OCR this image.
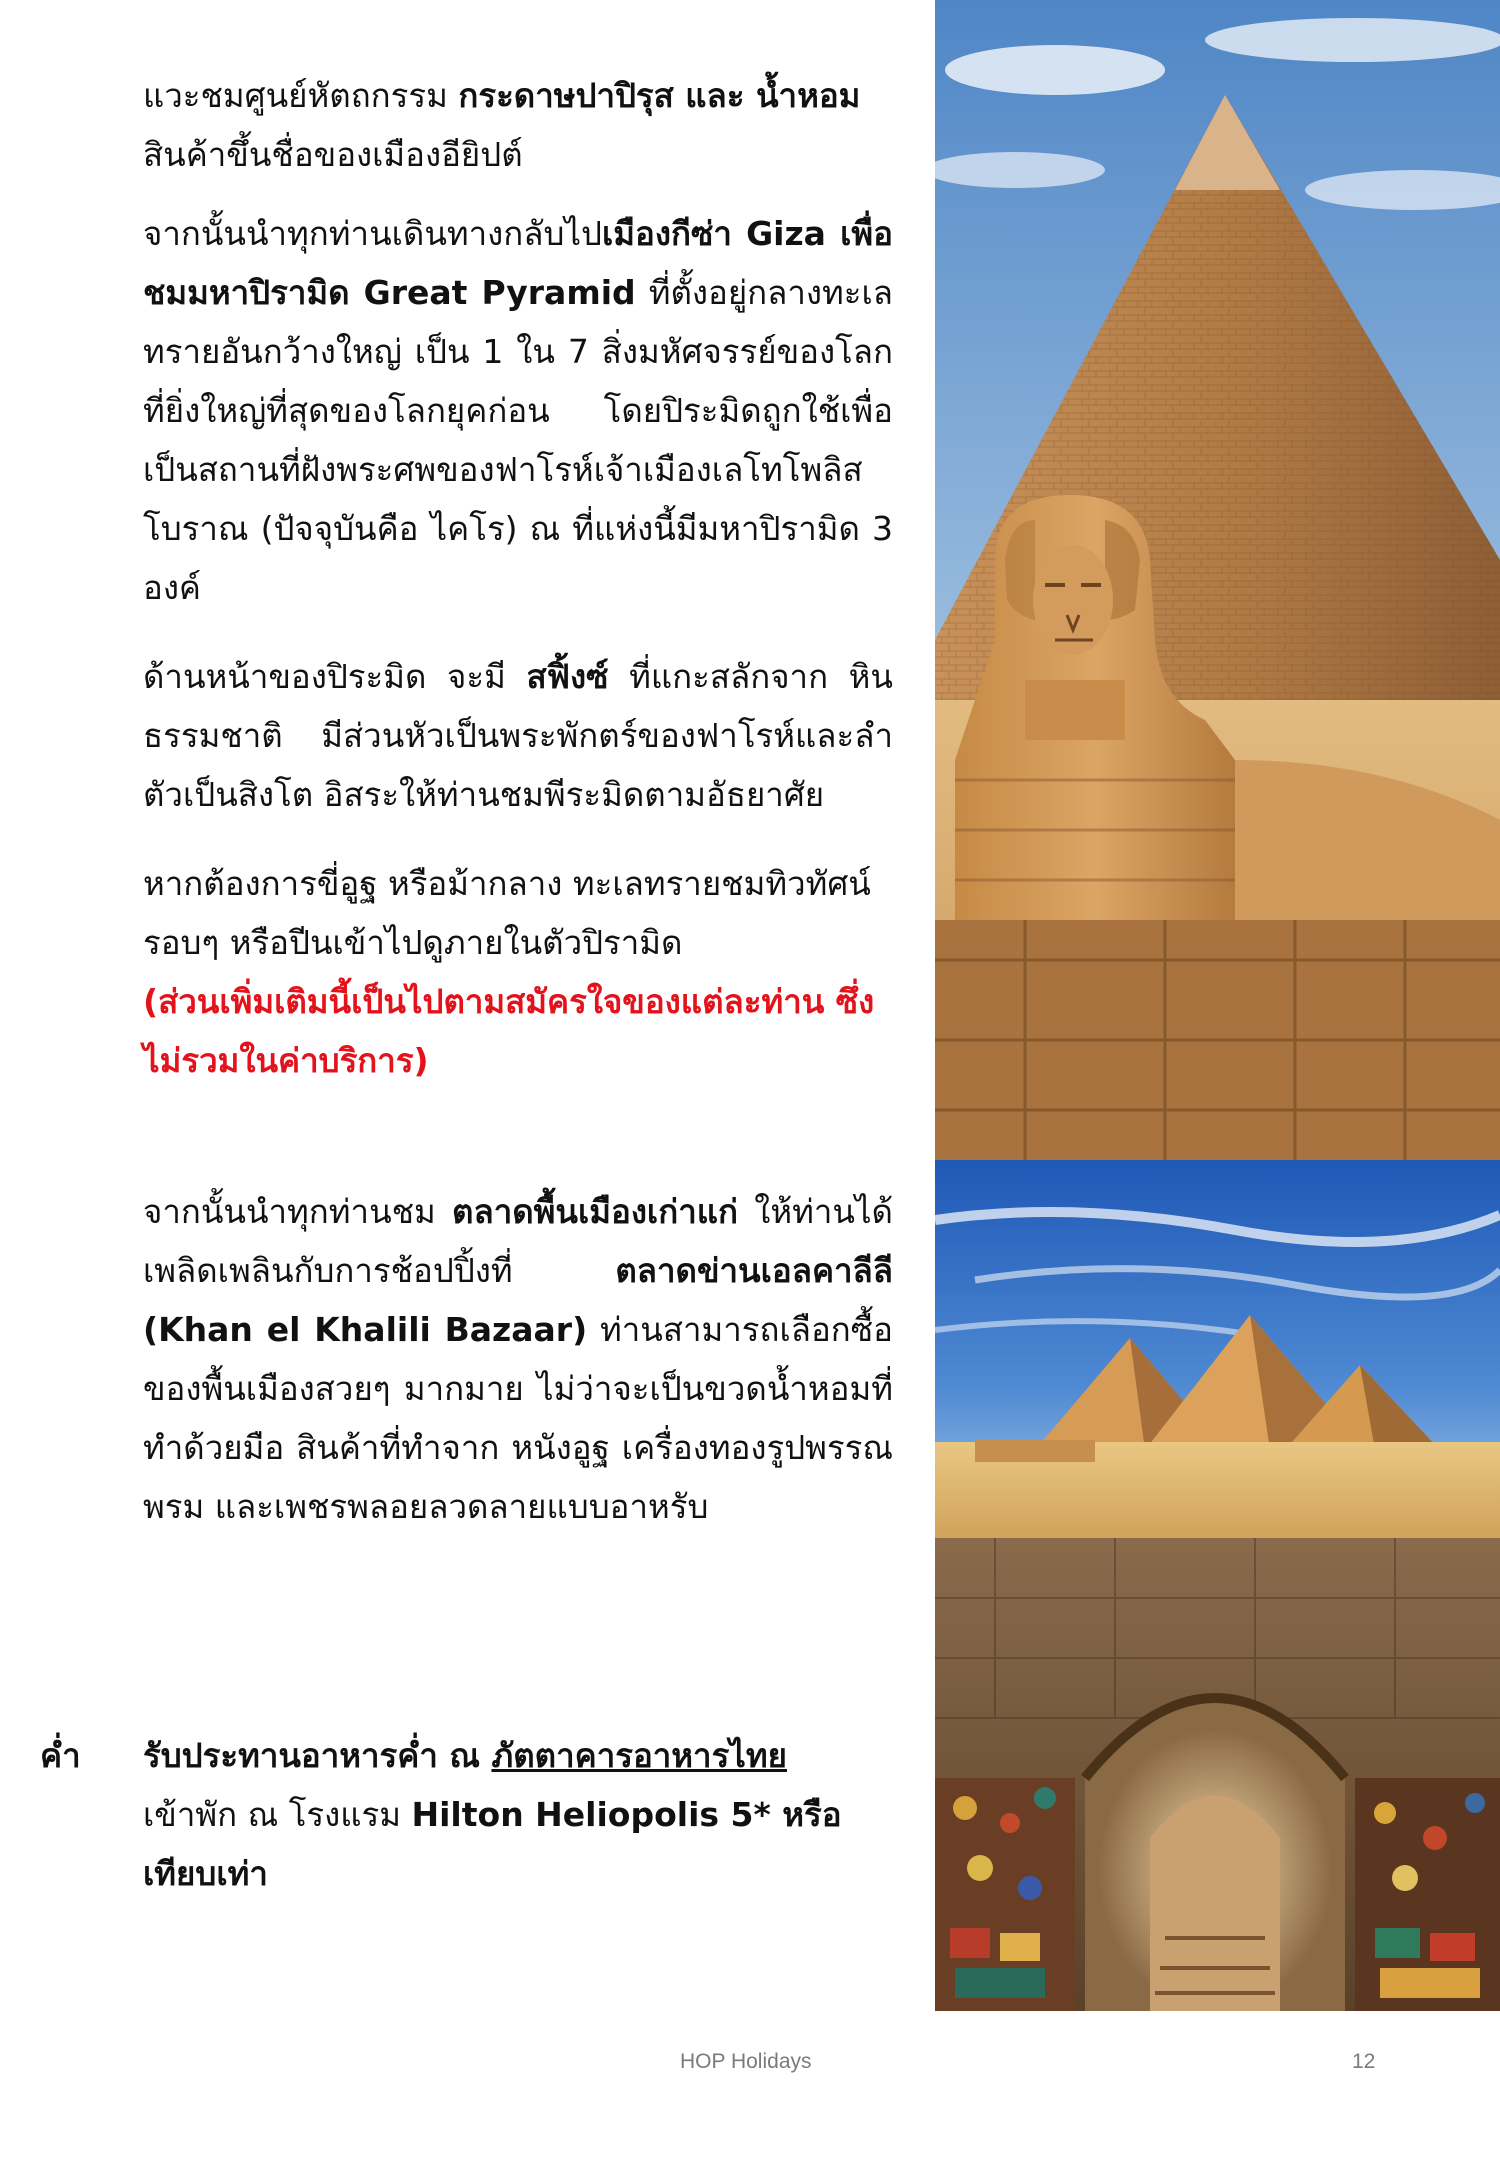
แวะชมศูนย์หัตถกรรม กระดาษปาปิรุส และ น้ำหอม สินค้าขึ้นชื่อของเมืองอียิปต์

จากนั้นนำทุกท่านเดินทางกลับไปเมืองกีซ่า Giza เพื่อชมมหาปิรามิด Great Pyramid ที่ตั้งอยู่กลางทะเลทรายอันกว้างใหญ่ เป็น 1 ใน 7 สิ่งมหัศจรรย์ของโลกที่ยิ่งใหญ่ที่สุดของโลกยุคก่อน โดยปิระมิดถูกใช้เพื่อเป็นสถานที่ฝังพระศพของฟาโรห์เจ้าเมืองเลโทโพลิสโบราณ (ปัจจุบันคือ ไคโร) ณ ที่แห่งนี้มีมหาปิรามิด 3 องค์

ด้านหน้าของปิระมิด จะมี สฟิ้งซ์ ที่แกะสลักจาก หินธรรมชาติ มีส่วนหัวเป็นพระพักตร์ของฟาโรห์และลำตัวเป็นสิงโต อิสระให้ท่านชมพีระมิดตามอัธยาศัย

หากต้องการขี่อูฐ หรือม้ากลาง ทะเลทรายชมทิวทัศน์รอบๆ หรือปีนเข้าไปดูภายในตัวปิรามิด
(ส่วนเพิ่มเติมนี้เป็นไปตามสมัครใจของแต่ละท่าน ซึ่งไม่รวมในค่าบริการ)

จากนั้นนำทุกท่านชม ตลาดพื้นเมืองเก่าแก่ ให้ท่านได้ เพลิดเพลินกับการช้อปปิ้งที่ ตลาดข่านเอลคาลีลี (Khan el Khalili Bazaar) ท่านสามารถเลือกซื้อของพื้นเมืองสวยๆ มากมาย ไม่ว่าจะเป็นขวดน้ำหอมที่ทำด้วยมือ สินค้าที่ทำจาก หนังอูฐ เครื่องทองรูปพรรณ พรม และเพชรพลอยลวดลายแบบอาหรับ

ค่ำ รับประทานอาหารค่ำ ณ ภัตตาคารอาหารไทย
เข้าพัก ณ โรงแรม Hilton Heliopolis 5* หรือเทียบเท่า
HOP Holidays	12
